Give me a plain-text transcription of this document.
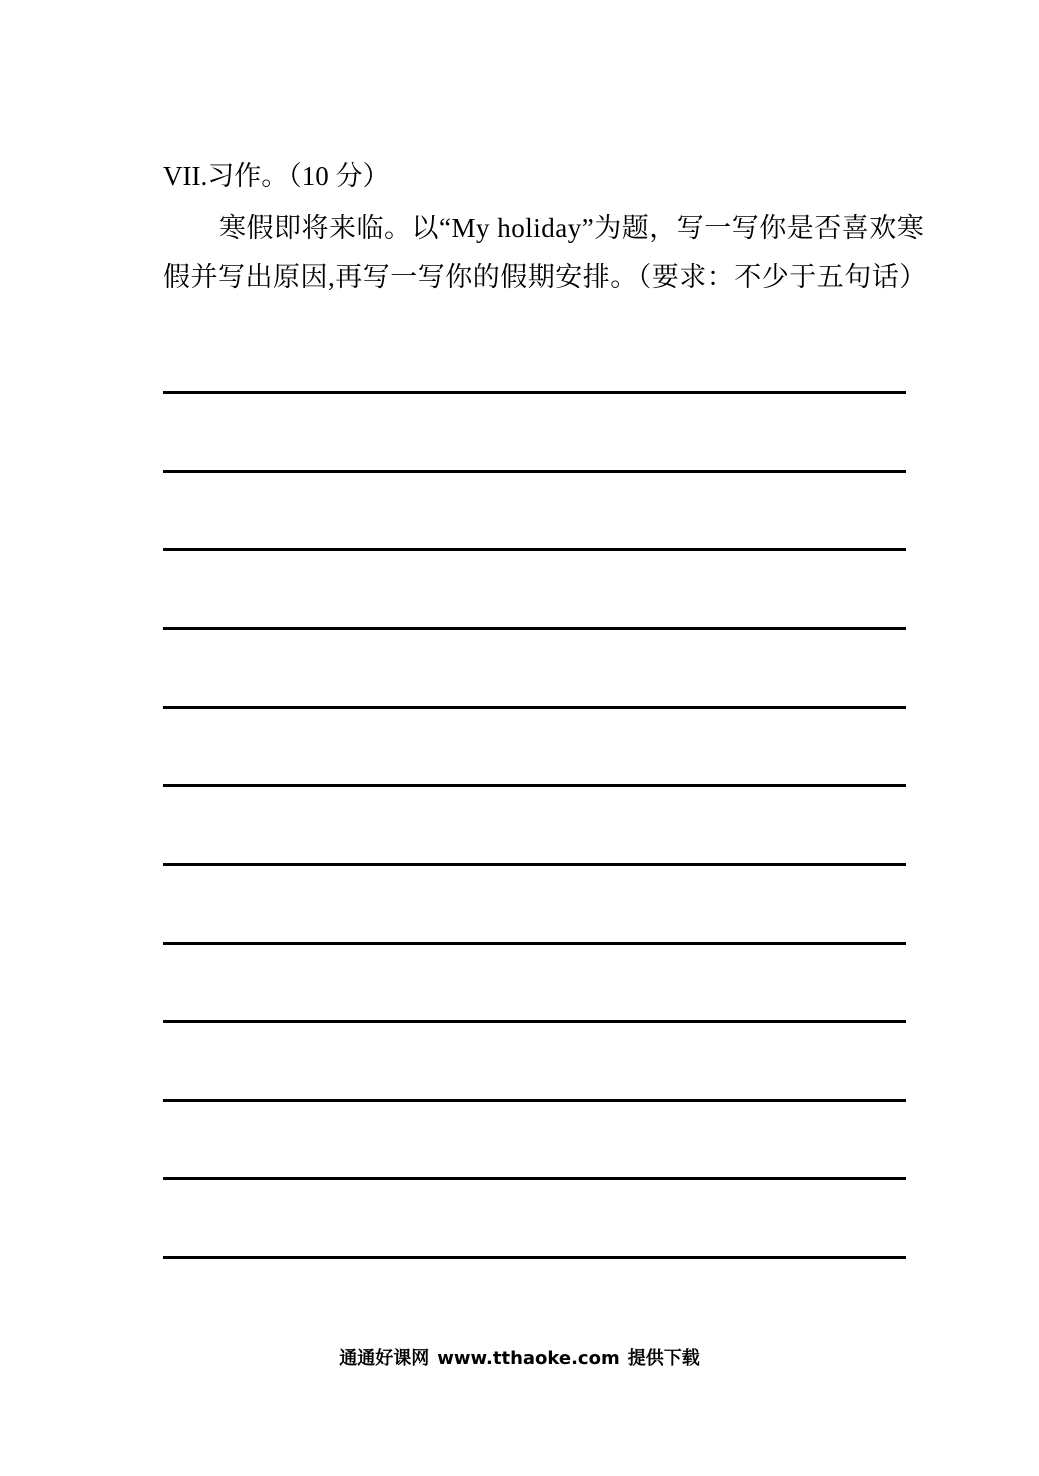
VII.习作。（10 分）
寒假即将来临。以“My holiday”为题，写一写你是否喜欢寒假并写出原因,再写一写你的假期安排。（要求：不少于五句话）
通通好课网 www.tthaoke.com 提供下载
